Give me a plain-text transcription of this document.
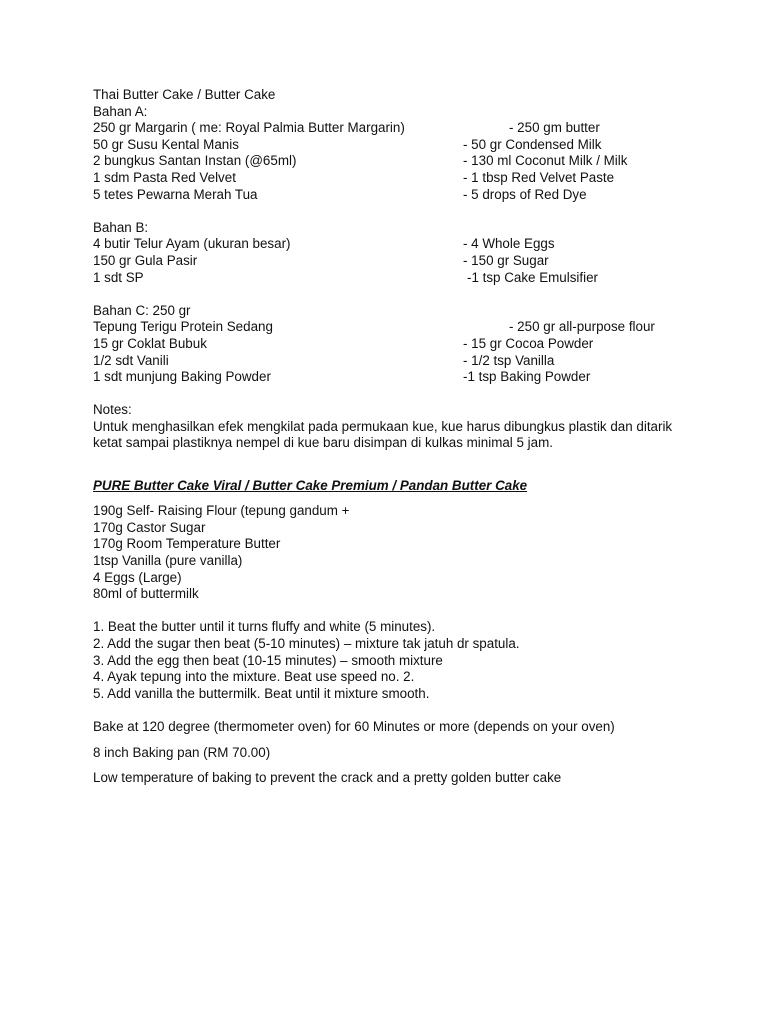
Thai Butter Cake / Butter Cake
Bahan A:
250 gr Margarin ( me: Royal Palmia Butter Margarin)	- 250 gm butter
50 gr Susu Kental Manis	- 50 gr Condensed Milk
2 bungkus Santan Instan (@65ml)	- 130 ml Coconut Milk / Milk
1 sdm Pasta Red Velvet	- 1 tbsp Red Velvet Paste
5 tetes Pewarna Merah Tua	- 5 drops of Red Dye
Bahan B:
4 butir Telur Ayam (ukuran besar)	- 4 Whole Eggs
150 gr Gula Pasir	- 150 gr Sugar
1 sdt SP	-1 tsp Cake Emulsifier
Bahan C: 250 gr
Tepung Terigu Protein Sedang	- 250 gr all-purpose flour
15 gr Coklat Bubuk	- 15 gr Cocoa Powder
1/2 sdt Vanili	- 1/2 tsp Vanilla
1 sdt munjung Baking Powder	-1 tsp Baking Powder
Notes:
Untuk menghasilkan efek mengkilat pada permukaan kue, kue harus dibungkus plastik dan ditarik ketat sampai plastiknya nempel di kue baru disimpan di kulkas minimal 5 jam.
PURE Butter Cake Viral / Butter Cake Premium / Pandan Butter Cake
190g Self- Raising Flour (tepung gandum +
170g Castor Sugar
170g Room Temperature Butter
1tsp Vanilla (pure vanilla)
4 Eggs (Large)
80ml of buttermilk
1. Beat the butter until it turns fluffy and white (5 minutes).
2. Add the sugar then beat (5-10 minutes) – mixture tak jatuh dr spatula.
3. Add the egg then beat (10-15 minutes) – smooth mixture
4. Ayak tepung into the mixture. Beat use speed no. 2.
5. Add vanilla the buttermilk. Beat until it mixture smooth.
Bake at 120 degree (thermometer oven) for 60 Minutes or more (depends on your oven)
8 inch Baking pan (RM 70.00)
Low temperature of baking to prevent the crack and a pretty golden butter cake
